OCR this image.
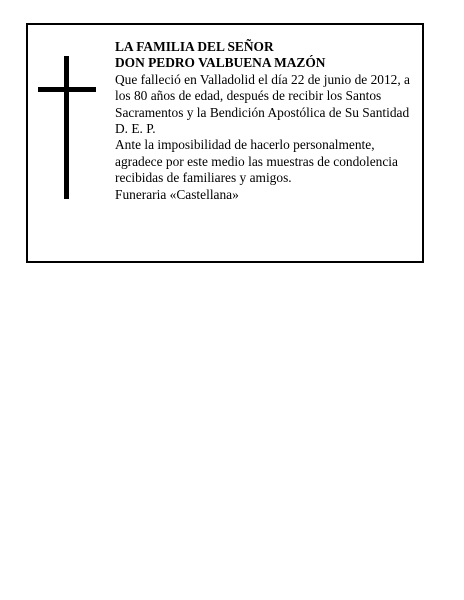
LA FAMILIA DEL SEÑOR
DON PEDRO VALBUENA MAZÓN
Que falleció en Valladolid el día 22 de junio de 2012, a
los 80 años de edad, después de recibir los Santos
Sacramentos y la Bendición Apostólica de Su Santidad
D. E. P.
Ante la imposibilidad de hacerlo personalmente,
agradece por este medio las muestras de condolencia
recibidas de familiares y amigos.
Funeraria «Castellana»
